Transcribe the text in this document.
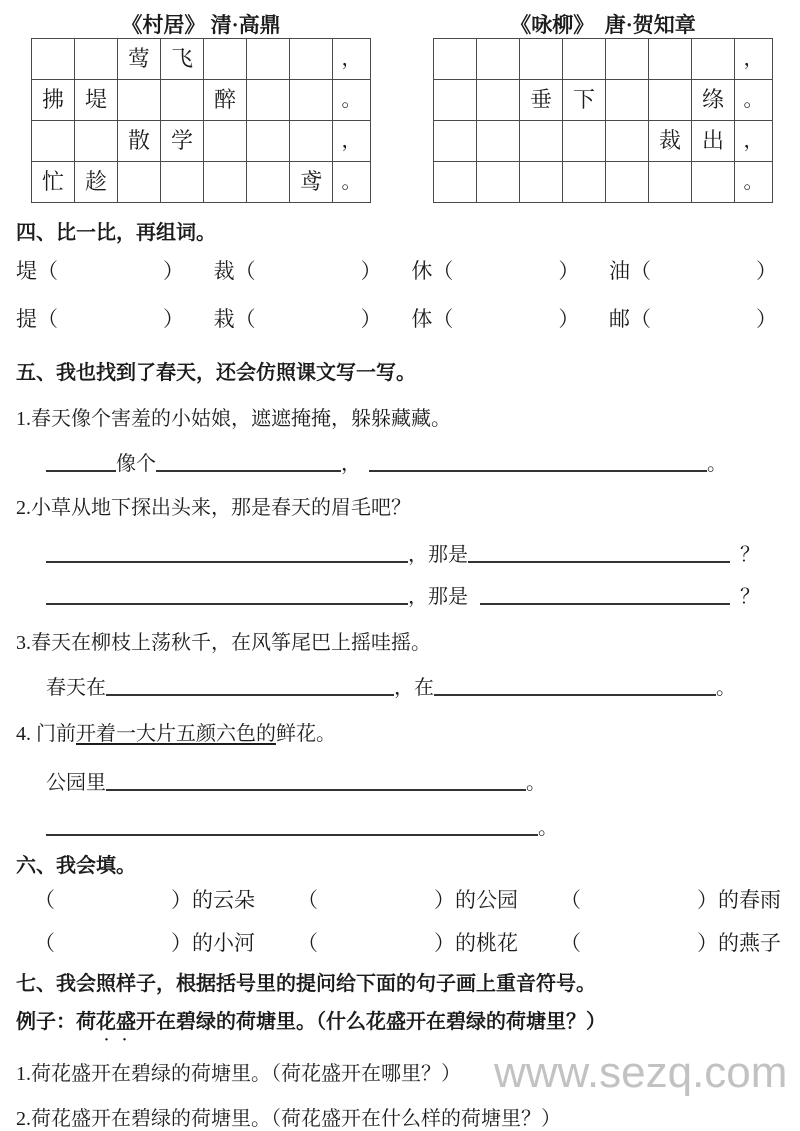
《村居》 清·高鼎
		莺	飞				，
拂	堤			醉			。
		散	学				，
忙	趁					鸢	。
《咏柳》　唐·贺知章
							，
		垂	下			绦	。
					裁	出	，
							。
四、比一比，再组词。
堤（	） 裁（	） 休（	） 油（	）
提（	） 栽（	） 体（	） 邮（	）
五、我也找到了春天，还会仿照课文写一写。
1.春天像个害羞的小姑娘，遮遮掩掩，躲躲藏藏。
像个	，	。
2.小草从地下探出头来，那是春天的眉毛吧？
，那是	？
，那是	？
3.春天在柳枝上荡秋千，在风筝尾巴上摇哇摇。
春天在	，在	。
4. 门前开着一大片五颜六色的鲜花。
公园里	。
。
六、我会填。
（	）的云朵 （	）的公园 （	）的春雨
（	）的小河 （	）的桃花 （	）的燕子
七、我会照样子，根据括号里的提问给下面的句子画上重音符号。
例子：荷花盛开在碧绿的荷塘里。（什么花盛开在碧绿的荷塘里？）
··
1.荷花盛开在碧绿的荷塘里。（荷花盛开在哪里？）
2.荷花盛开在碧绿的荷塘里。（荷花盛开在什么样的荷塘里？）
www.sezq.com
